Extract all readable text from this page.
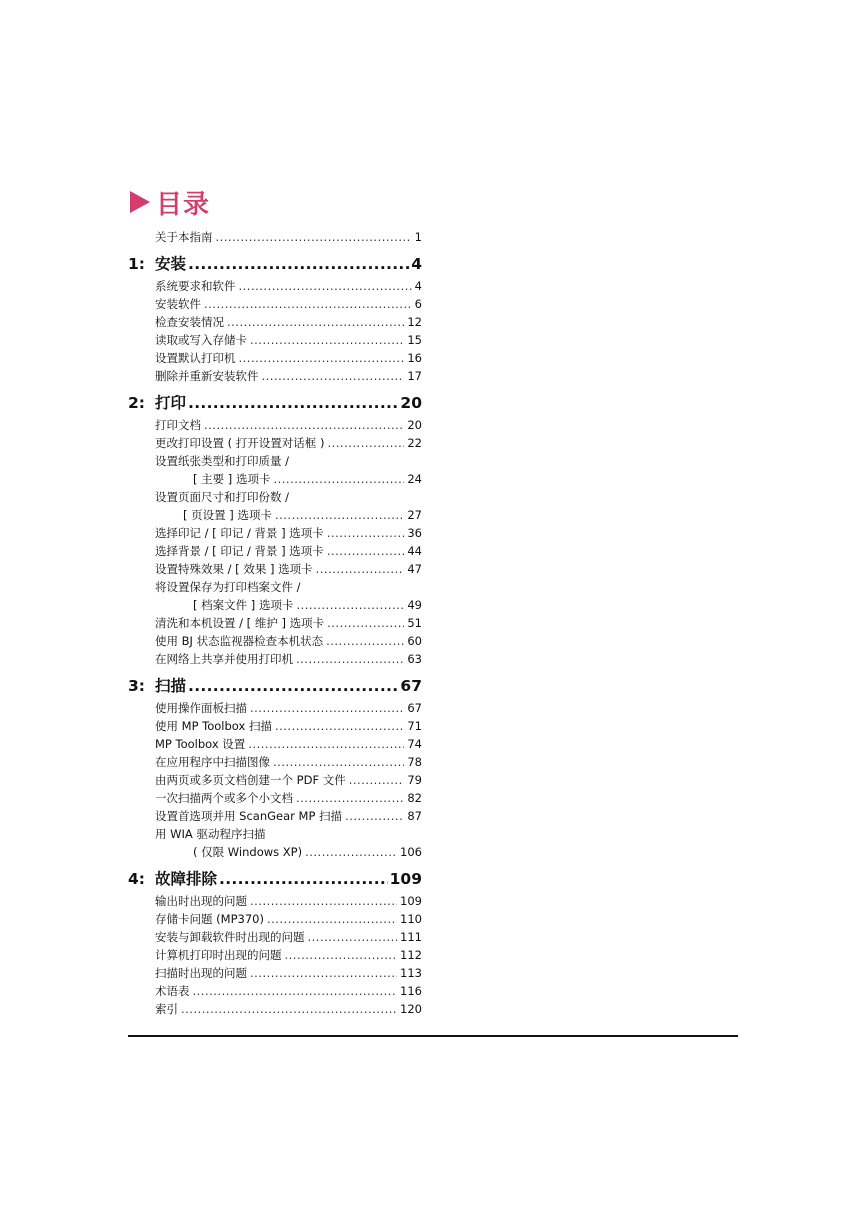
目录
关于本指南 .....	1
1: 安装 .....	4
系统要求和软件 .....	4
安装软件 .....	6
检查安装情况 .....	12
读取或写入存储卡 .....	15
设置默认打印机 .....	16
删除并重新安装软件 .....	17
2: 打印 .....	20
打印文档 .....	20
更改打印设置 ( 打开设置对话框 ) .....	22
设置纸张类型和打印质量 /
[ 主要 ] 选项卡 .....	24
设置页面尺寸和打印份数 /
[ 页设置 ] 选项卡 .....	27
选择印记 / [ 印记 / 背景 ] 选项卡 .....	36
选择背景 / [ 印记 / 背景 ] 选项卡 .....	44
设置特殊效果 / [ 效果 ] 选项卡 .....	47
将设置保存为打印档案文件 /
[ 档案文件 ] 选项卡 .....	49
清洗和本机设置 / [ 维护 ] 选项卡 .....	51
使用 BJ 状态监视器检查本机状态 .....	60
在网络上共享并使用打印机 .....	63
3: 扫描 .....	67
使用操作面板扫描 .....	67
使用 MP Toolbox 扫描 .....	71
MP Toolbox 设置 .....	74
在应用程序中扫描图像 .....	78
由两页或多页文档创建一个 PDF 文件 .....	79
一次扫描两个或多个小文档 .....	82
设置首选项并用 ScanGear MP 扫描 .....	87
用 WIA 驱动程序扫描
( 仅限 Windows XP) .....	106
4: 故障排除 .....	109
输出时出现的问题 .....	109
存储卡问题 (MP370) .....	110
安装与卸载软件时出现的问题 .....	111
计算机打印时出现的问题 .....	112
扫描时出现的问题 .....	113
术语表 .....	116
索引 .....	120
